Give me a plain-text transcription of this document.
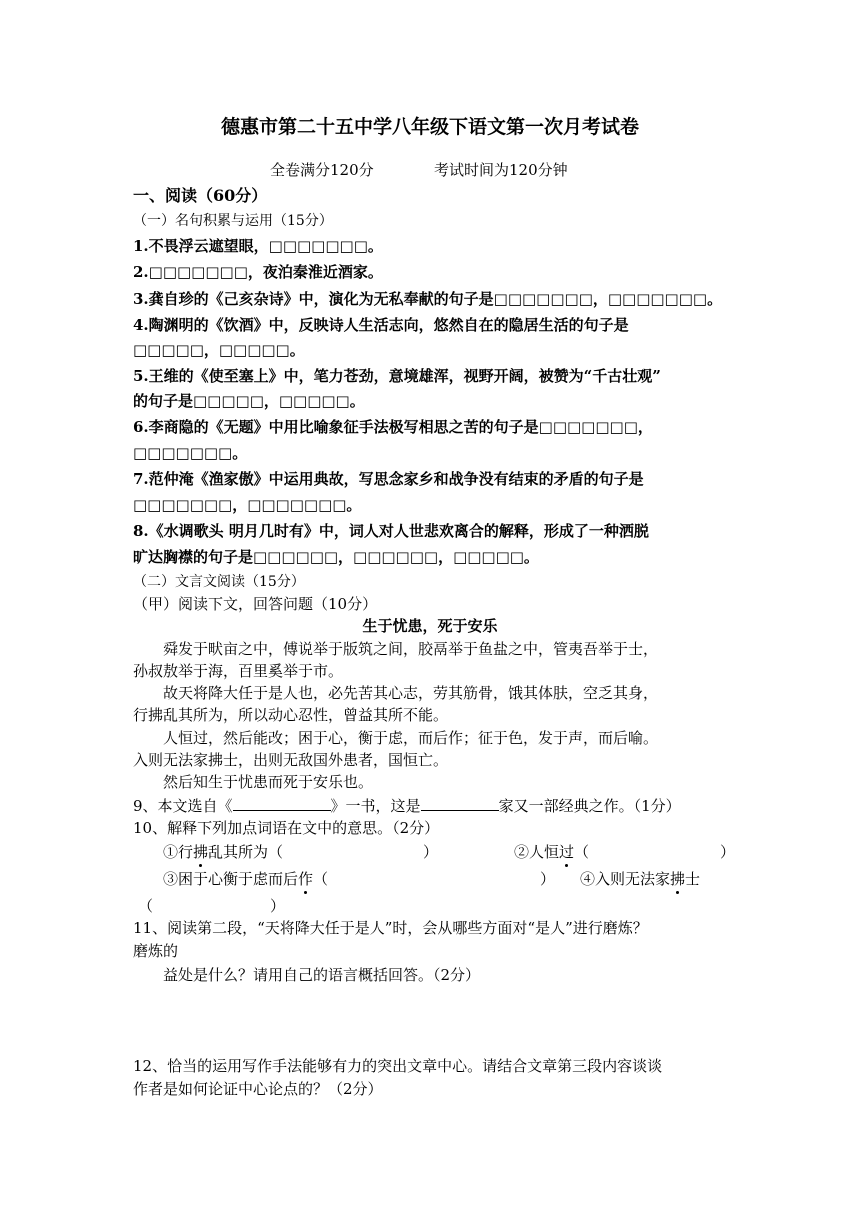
德惠市第二十五中学八年级下语文第一次月考试卷
全卷满分120分	考试时间为120分钟
一、阅读（60分）
（一）名句积累与运用（15分）
1.不畏浮云遮望眼，□□□□□□□。
2.□□□□□□□，夜泊秦淮近酒家。
3.龚自珍的《己亥杂诗》中，演化为无私奉献的句子是□□□□□□□，□□□□□□□。
4.陶渊明的《饮酒》中，反映诗人生活志向，悠然自在的隐居生活的句子是
□□□□□，□□□□□。
5.王维的《使至塞上》中，笔力苍劲，意境雄浑，视野开阔，被赞为“千古壮观”
的句子是□□□□□，□□□□□。
6.李商隐的《无题》中用比喻象征手法极写相思之苦的句子是□□□□□□□，
□□□□□□□。
7.范仲淹《渔家傲》中运用典故，写思念家乡和战争没有结束的矛盾的句子是
□□□□□□□，□□□□□□□。
8.《水调歌头 明月几时有》中，词人对人世悲欢离合的解释，形成了一种洒脱
旷达胸襟的句子是□□□□□□，□□□□□□，□□□□□。
（二）文言文阅读（15分）
（甲）阅读下文，回答问题（10分）
生于忧患，死于安乐
舜发于畎亩之中，傅说举于版筑之间，胶鬲举于鱼盐之中，管夷吾举于士，
孙叔敖举于海，百里奚举于市。
故天将降大任于是人也，必先苦其心志，劳其筋骨，饿其体肤，空乏其身，
行拂乱其所为，所以动心忍性，曾益其所不能。
人恒过，然后能改；困于心，衡于虑，而后作；征于色，发于声，而后喻。
入则无法家拂士，出则无敌国外患者，国恒亡。
然后知生于忧患而死于安乐也。
9、本文选自《	》一书，这是	家又一部经典之作。（1分）
10、解释下列加点词语在文中的意思。（2分）
①行拂乱其所为（	）	②人恒过（	）
③困于心衡于虑而后作（	） ④入则无法家拂士
（	）
11、阅读第二段，“天将降大任于是人”时，会从哪些方面对“是人”进行磨炼？
磨炼的
益处是什么？请用自己的语言概括回答。（2分）
12、恰当的运用写作手法能够有力的突出文章中心。请结合文章第三段内容谈谈
作者是如何论证中心论点的？（2分）
